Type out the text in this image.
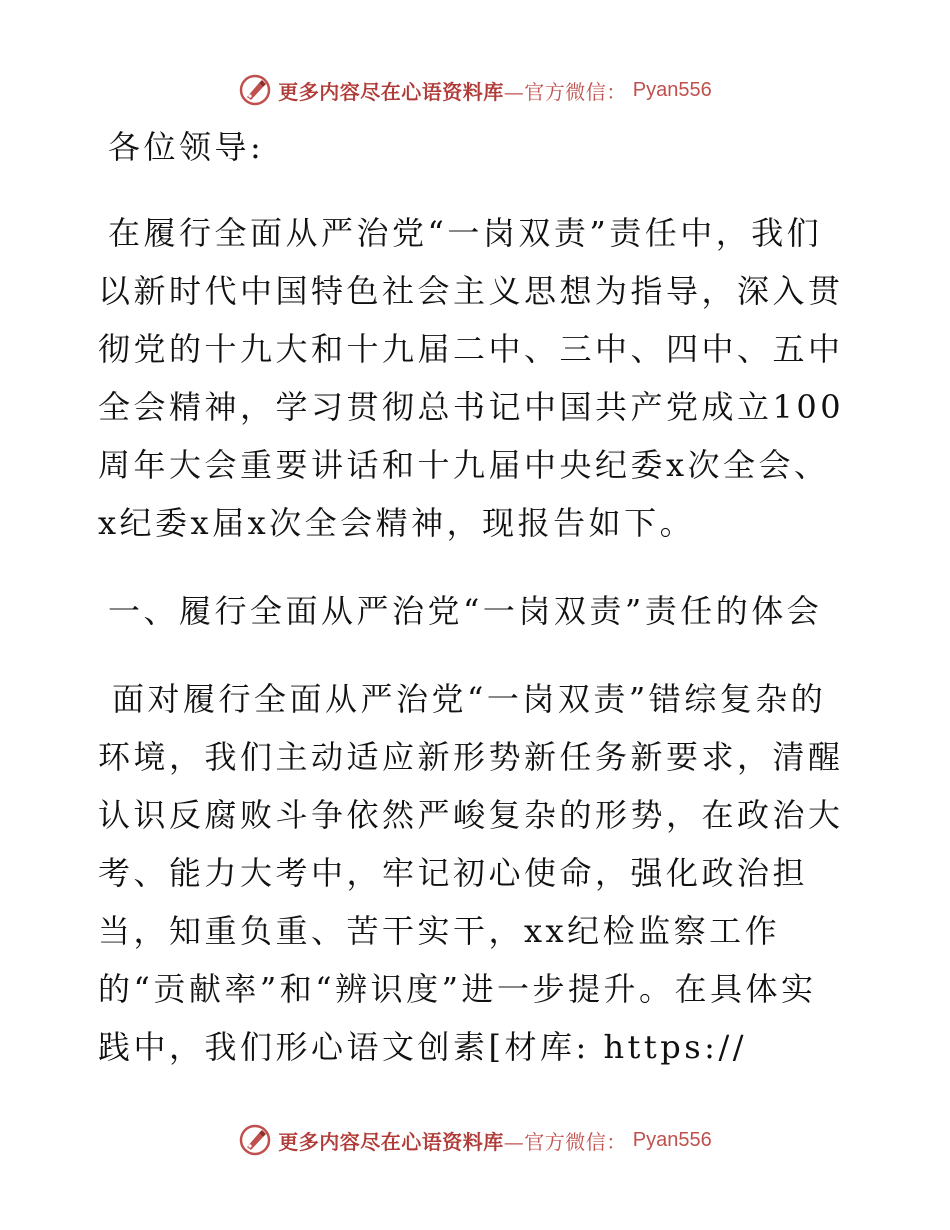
更多内容尽在心语资料库—官方微信： Pyan556

各位领导:

在履行全面从严治党“一岗双责”责任中，我们以新时代中国特色社会主义思想为指导，深入贯彻党的十九大和十九届二中、三中、四中、五中全会精神，学习贯彻总书记中国共产党成立100周年大会重要讲话和十九届中央纪委x次全会、x纪委x届x次全会精神，现报告如下。

一、履行全面从严治党“一岗双责”责任的体会

面对履行全面从严治党“一岗双责”错综复杂的环境，我们主动适应新形势新任务新要求，清醒认识反腐败斗争依然严峻复杂的形势，在政治大考、能力大考中，牢记初心使命，强化政治担当，知重负重、苦干实干，xx纪检监察工作的“贡献率”和“辨识度”进一步提升。在具体实践中，我们形心语文创素[材库: https://

更多内容尽在心语资料库—官方微信： Pyan556
